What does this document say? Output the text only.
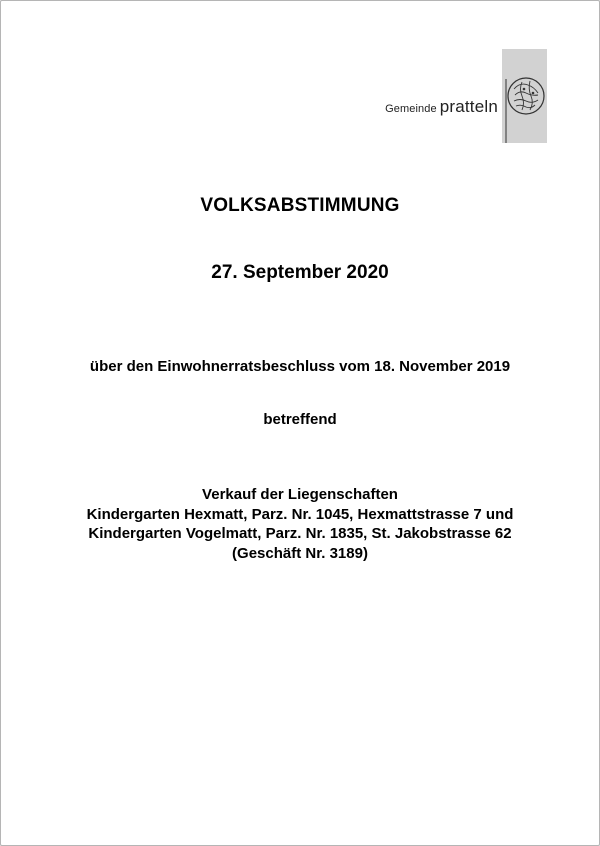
Gemeinde pratteln
VOLKSABSTIMMUNG
27. September 2020
über den Einwohnerratsbeschluss vom 18. November 2019
betreffend
Verkauf der Liegenschaften
Kindergarten Hexmatt, Parz. Nr. 1045, Hexmattstrasse 7 und
Kindergarten Vogelmatt, Parz. Nr. 1835, St. Jakobstrasse 62
(Geschäft Nr. 3189)
